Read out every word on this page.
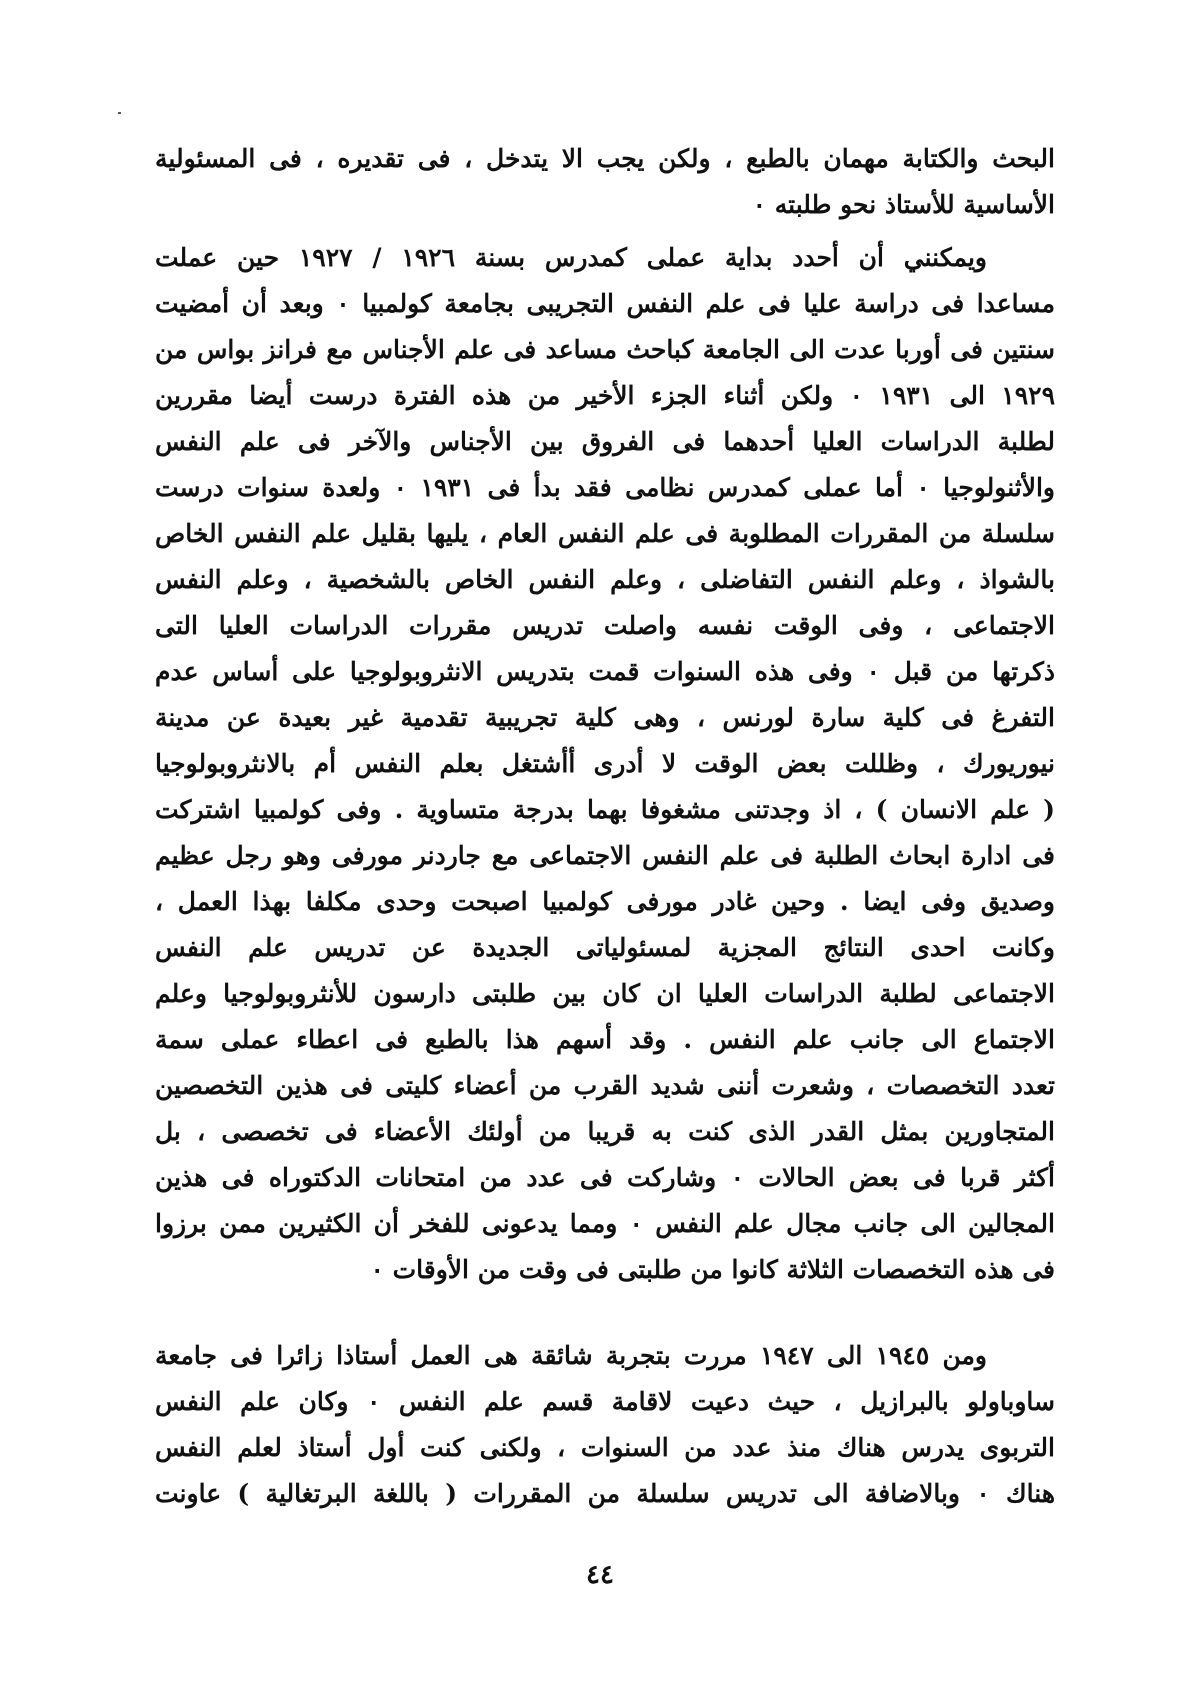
البحث والكتابة مهمان بالطبع ، ولكن يجب الا يتدخل ، فى تقديره ، فى المسئولية
الأساسية للأستاذ نحو طلبته ٠
ويمكنني أن أحدد بداية عملى كمدرس بسنة ١٩٢٦ / ١٩٢٧ حين عملت
مساعدا فى دراسة عليا فى علم النفس التجريبى بجامعة كولمبيا ٠ وبعد أن أمضيت
سنتين فى أوربا عدت الى الجامعة كباحث مساعد فى علم الأجناس مع فرانز بواس من
١٩٢٩ الى ١٩٣١ ٠ ولكن أثناء الجزء الأخير من هذه الفترة درست أيضا مقررين
لطلبة الدراسات العليا أحدهما فى الفروق بين الأجناس والآخر فى علم النفس
والأثنولوجيا ٠ أما عملى كمدرس نظامى فقد بدأ فى ١٩٣١ ٠ ولعدة سنوات درست
سلسلة من المقررات المطلوبة فى علم النفس العام ، يليها بقليل علم النفس الخاص
بالشواذ ، وعلم النفس التفاضلى ، وعلم النفس الخاص بالشخصية ، وعلم النفس
الاجتماعى ، وفى الوقت نفسه واصلت تدريس مقررات الدراسات العليا التى
ذكرتها من قبل ٠ وفى هذه السنوات قمت بتدريس الانثروبولوجيا على أساس عدم
التفرغ فى كلية سارة لورنس ، وهى كلية تجريبية تقدمية غير بعيدة عن مدينة
نيوريورك ، وظللت بعض الوقت لا أدرى أأشتغل بعلم النفس أم بالانثروبولوجيا
( علم الانسان ) ، اذ وجدتنى مشغوفا بهما بدرجة متساوية . وفى كولمبيا اشتركت
فى ادارة ابحاث الطلبة فى علم النفس الاجتماعى مع جاردنر مورفى وهو رجل عظيم
وصديق وفى ايضا . وحين غادر مورفى كولمبيا اصبحت وحدى مكلفا بهذا العمل ،
وكانت احدى النتائج المجزية لمسئولياتى الجديدة عن تدريس علم النفس
الاجتماعى لطلبة الدراسات العليا ان كان بين طلبتى دارسون للأنثروبولوجيا وعلم
الاجتماع الى جانب علم النفس . وقد أسهم هذا بالطبع فى اعطاء عملى سمة
تعدد التخصصات ، وشعرت أننى شديد القرب من أعضاء كليتى فى هذين التخصصين
المتجاورين بمثل القدر الذى كنت به قريبا من أولئك الأعضاء فى تخصصى ، بل
أكثر قربا فى بعض الحالات ٠ وشاركت فى عدد من امتحانات الدكتوراه فى هذين
المجالين الى جانب مجال علم النفس ٠ ومما يدعونى للفخر أن الكثيرين ممن برزوا
فى هذه التخصصات الثلاثة كانوا من طلبتى فى وقت من الأوقات ٠
ومن ١٩٤٥ الى ١٩٤٧ مررت بتجربة شائقة هى العمل أستاذا زائرا فى جامعة
ساوباولو بالبرازيل ، حيث دعيت لاقامة قسم علم النفس ٠ وكان علم النفس
التربوى يدرس هناك منذ عدد من السنوات ، ولكنى كنت أول أستاذ لعلم النفس
هناك ٠ وبالاضافة الى تدريس سلسلة من المقررات ( باللغة البرتغالية ) عاونت
٤٤
